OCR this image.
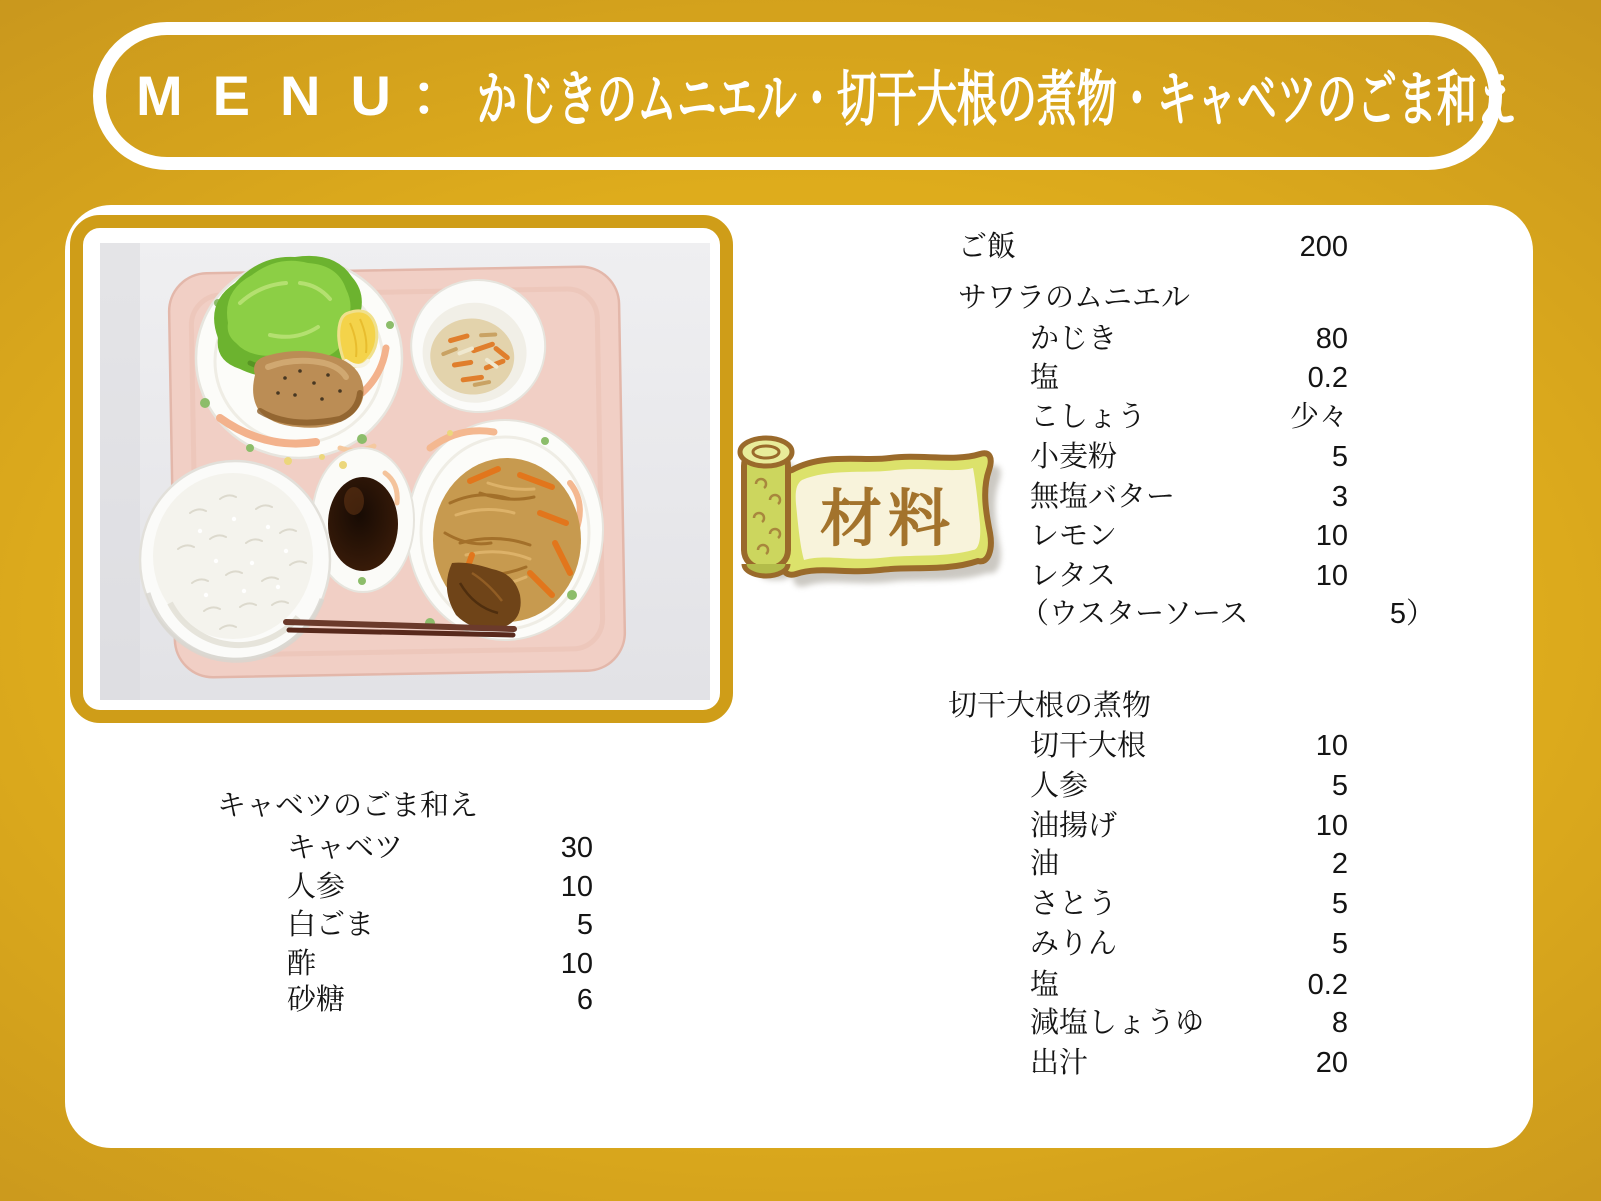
MENU
： かじきのムニエル・切干大根の煮物・キャベツのごま和え
材料
ご飯	200
サワラのムニエル
かじき	80
塩	0.2
こしょう	少々
小麦粉	5
無塩バター	3
レモン	10
レタス	10
（ウスターソース	5）
切干大根の煮物
切干大根	10
人参	5
油揚げ	10
油	2
さとう	5
みりん	5
塩	0.2
減塩しょうゆ	8
出汁	20
キャベツのごま和え
キャベツ	30
人参	10
白ごま	5
酢	10
砂糖	6
